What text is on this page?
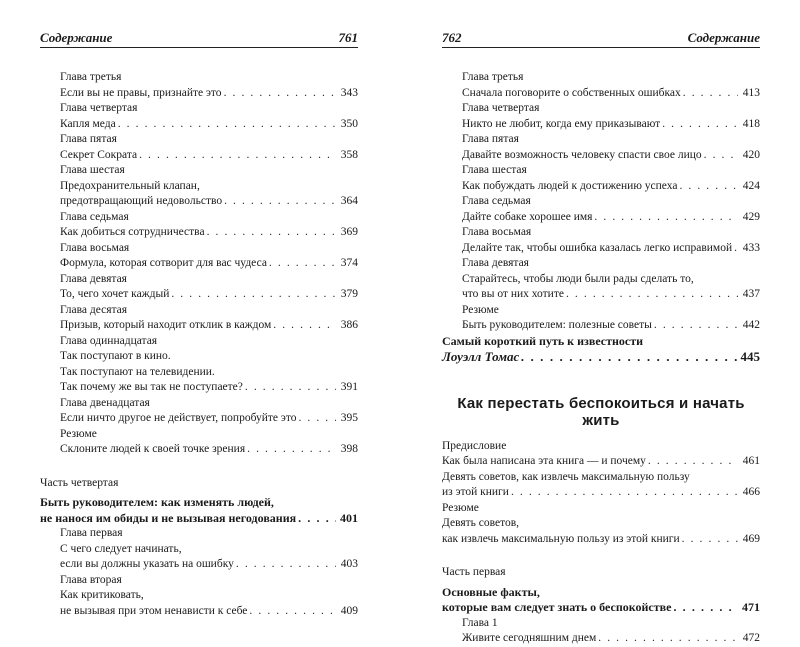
Содержание	761
Глава третья
Если вы не правы, признайте это . . .	343
Глава четвертая
Капля меда . . .	350
Глава пятая
Секрет Сократа . . .	358
Глава шестая
Предохранительный клапан,
предотвращающий недовольство . . .	364
Глава седьмая
Как добиться сотрудничества . . .	369
Глава восьмая
Формула, которая сотворит для вас чудеса . . .	374
Глава девятая
То, чего хочет каждый . . .	379
Глава десятая
Призыв, который находит отклик в каждом . . .	386
Глава одиннадцатая
Так поступают в кино.
Так поступают на телевидении.
Так почему же вы так не поступаете? . . .	391
Глава двенадцатая
Если ничто другое не действует, попробуйте это . . .	395
Резюме
Склоните людей к своей точке зрения . . .	398
Часть четвертая
Быть руководителем: как изменять людей,
не нанося им обиды и не вызывая негодования . . .	401
Глава первая
С чего следует начинать,
если вы должны указать на ошибку . . .	403
Глава вторая
Как критиковать,
не вызывая при этом ненависти к себе . . .	409
762	Содержание
Глава третья
Сначала поговорите о собственных ошибках . . .	413
Глава четвертая
Никто не любит, когда ему приказывают . . .	418
Глава пятая
Давайте возможность человеку спасти свое лицо . . .	420
Глава шестая
Как побуждать людей к достижению успеха . . .	424
Глава седьмая
Дайте собаке хорошее имя . . .	429
Глава восьмая
Делайте так, чтобы ошибка казалась легко исправимой . . . 433
Глава девятая
Старайтесь, чтобы люди были рады сделать то,
что вы от них хотите . . .	437
Резюме
Быть руководителем: полезные советы . . .	442
Самый короткий путь к известности
Лоуэлл Томас . . .	445
Как перестать беспокоиться и начать жить
Предисловие
Как была написана эта книга — и почему . . .	461
Девять советов, как извлечь максимальную пользу
из этой книги . . .	466
Резюме
Девять советов,
как извлечь максимальную пользу из этой книги . . .	469
Часть первая
Основные факты,
которые вам следует знать о беспокойстве . . .	471
Глава 1
Живите сегодняшним днем . . .	472
